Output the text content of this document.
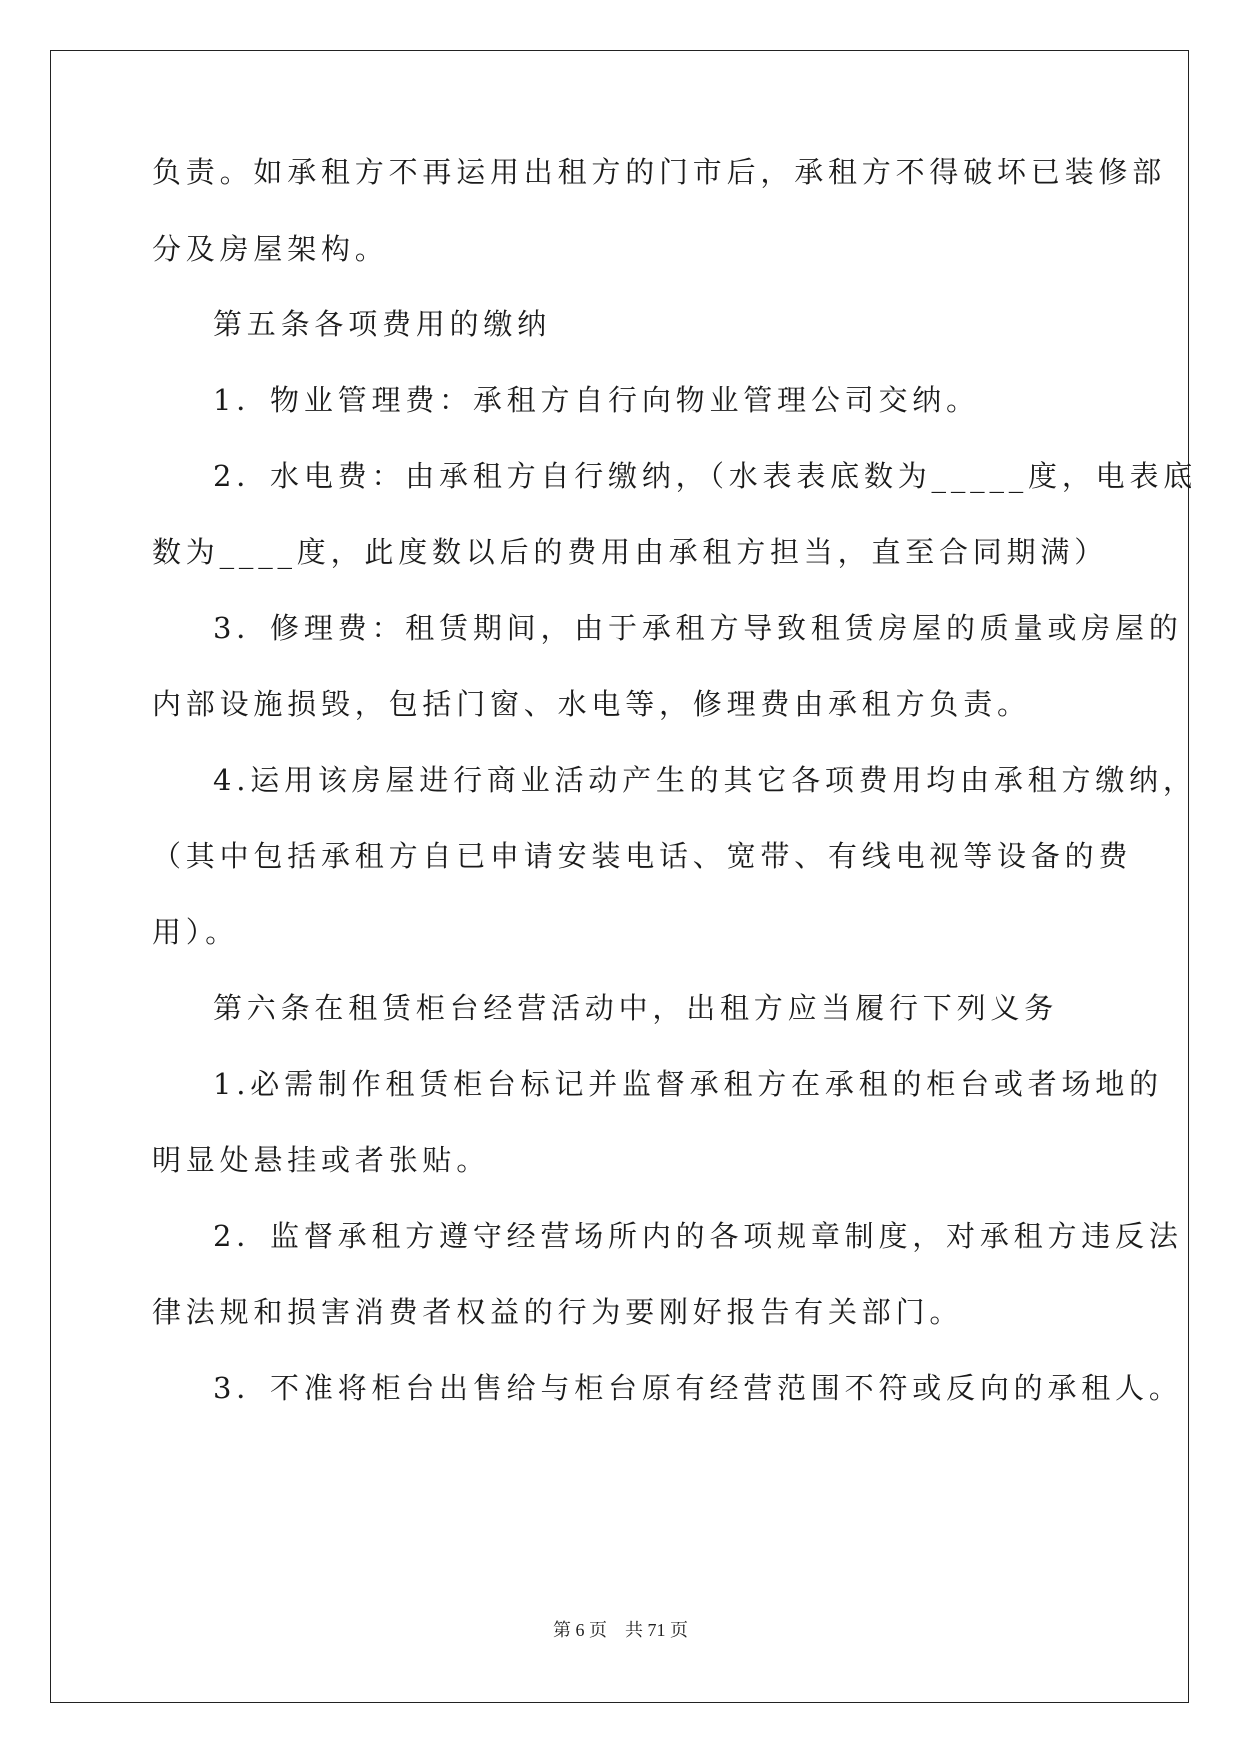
负责。如承租方不再运用出租方的门市后，承租方不得破坏已装修部
分及房屋架构。
第五条各项费用的缴纳
1．物业管理费：承租方自行向物业管理公司交纳。
2．水电费：由承租方自行缴纳，（水表表底数为_____度，电表底
数为____度，此度数以后的费用由承租方担当，直至合同期满）
3．修理费：租赁期间，由于承租方导致租赁房屋的质量或房屋的
内部设施损毁，包括门窗、水电等，修理费由承租方负责。
4.运用该房屋进行商业活动产生的其它各项费用均由承租方缴纳，
（其中包括承租方自已申请安装电话、宽带、有线电视等设备的费
用）。
第六条在租赁柜台经营活动中，出租方应当履行下列义务
1.必需制作租赁柜台标记并监督承租方在承租的柜台或者场地的
明显处悬挂或者张贴。
2．监督承租方遵守经营场所内的各项规章制度，对承租方违反法
律法规和损害消费者权益的行为要刚好报告有关部门。
3．不准将柜台出售给与柜台原有经营范围不符或反向的承租人。
第 6 页    共 71 页
